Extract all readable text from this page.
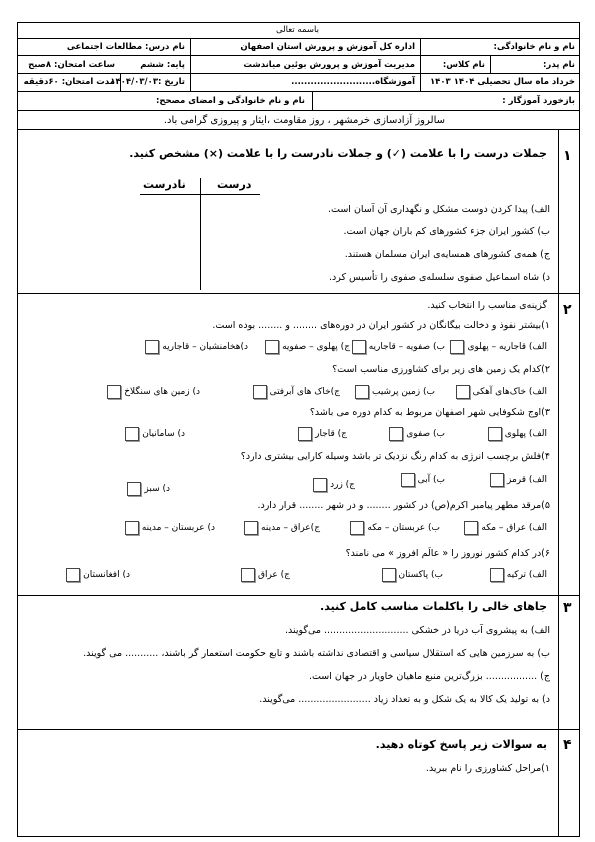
باسمه تعالی
نام و نام خانوادگی:
نام پدر:
نام کلاس:
خرداد ماه سال تحصیلی ۱۴۰۴ ۱۴۰۳
اداره کل آموزش و پرورش استان اصفهان
مدیریت آموزش و پرورش بوئین میاندشت
آموزشگاه..........................
نام درس: مطالعات اجتماعی
پایه: ششم
ساعت امتحان: ۸صبح
تاریخ :۱۴۰۴/۰۳/۰۳
مدت امتحان: ۶۰دقیقه
بازخورد آموزگار :
نام و نام خانوادگی و امضای مصحح:
سالروز آزادسازی خرمشهر ، روز مقاومت ،ایثار و پیروزی گرامی باد.
۱
جملات درست را با علامت (✓) و جملات نادرست را با علامت (×) مشخص کنید.
درست
نادرست
الف) پیدا کردن دوست مشکل و نگهداری آن آسان است.
ب) کشور ایران جزء کشورهای کم باران جهان است.
ج) همه‌ی کشورهای همسایه‌ی ایران مسلمان هستند.
د) شاه اسماعیل صفوی سلسله‌ی صفوی را تأسیس کرد.
۲
گزینه‌ی مناسب را انتخاب کنید.
۱)بیشتر نفوذ و دخالت بیگانگان در کشور ایران در دوره‌های ........ و ........ بوده است.
الف) قاجاریه – پهلوی
ب) صفویه – قاجاریه
ج) پهلوی – صفویه
د)هخامنشیان – قاجاریه
۲)کدام یک زمین های زیر برای کشاورزی مناسب است؟
الف) خاک‌های آهکی
ب) زمین پرشیب
ج)خاک های آبرفتی
د) زمین های سنگلاخ
۳)اوج شکوفایی شهر اصفهان مربوط به کدام دوره می باشد؟
الف) پهلوی
ب) صفوی
ج) قاجار
د) سامانیان
۴)فلش برچسب انرژی به کدام رنگ نزدیک تر باشد وسیله کارایی بیشتری دارد؟
الف) قرمز
ب) آبی
ج) زرد
د) سبز
۵)مرقد مطهر پیامبر اکرم(ص) در کشور ........ و در شهر ........ قرار دارد.
الف) عراق – مکه
ب) عربستان – مکه
ج)عراق – مدینه
د) عربستان – مدینه
۶)در کدام کشور نوروز را « عالَم افروز » می نامند؟
الف) ترکیه
ب) پاکستان
ج) عراق
د) افغانستان
۳
جاهای خالی را باکلمات مناسب کامل کنید.
الف) به پیشروی آب دریا در خشکی ............................ می‌گویند.
ب) به سرزمین هایی که استقلال سیاسی و اقتصادی نداشته باشند و تابع حکومت استعمار گر باشند، ........... می گویند.
ج) ................. بزرگ‌ترین منبع ماهیان خاویار در جهان است.
د) به تولید یک کالا به یک شکل و به تعداد زیاد ........................ می‌گویند.
۴
به سوالات زیر پاسخ کوتاه دهید.
۱)مراحل کشاورزی را نام ببرید.
